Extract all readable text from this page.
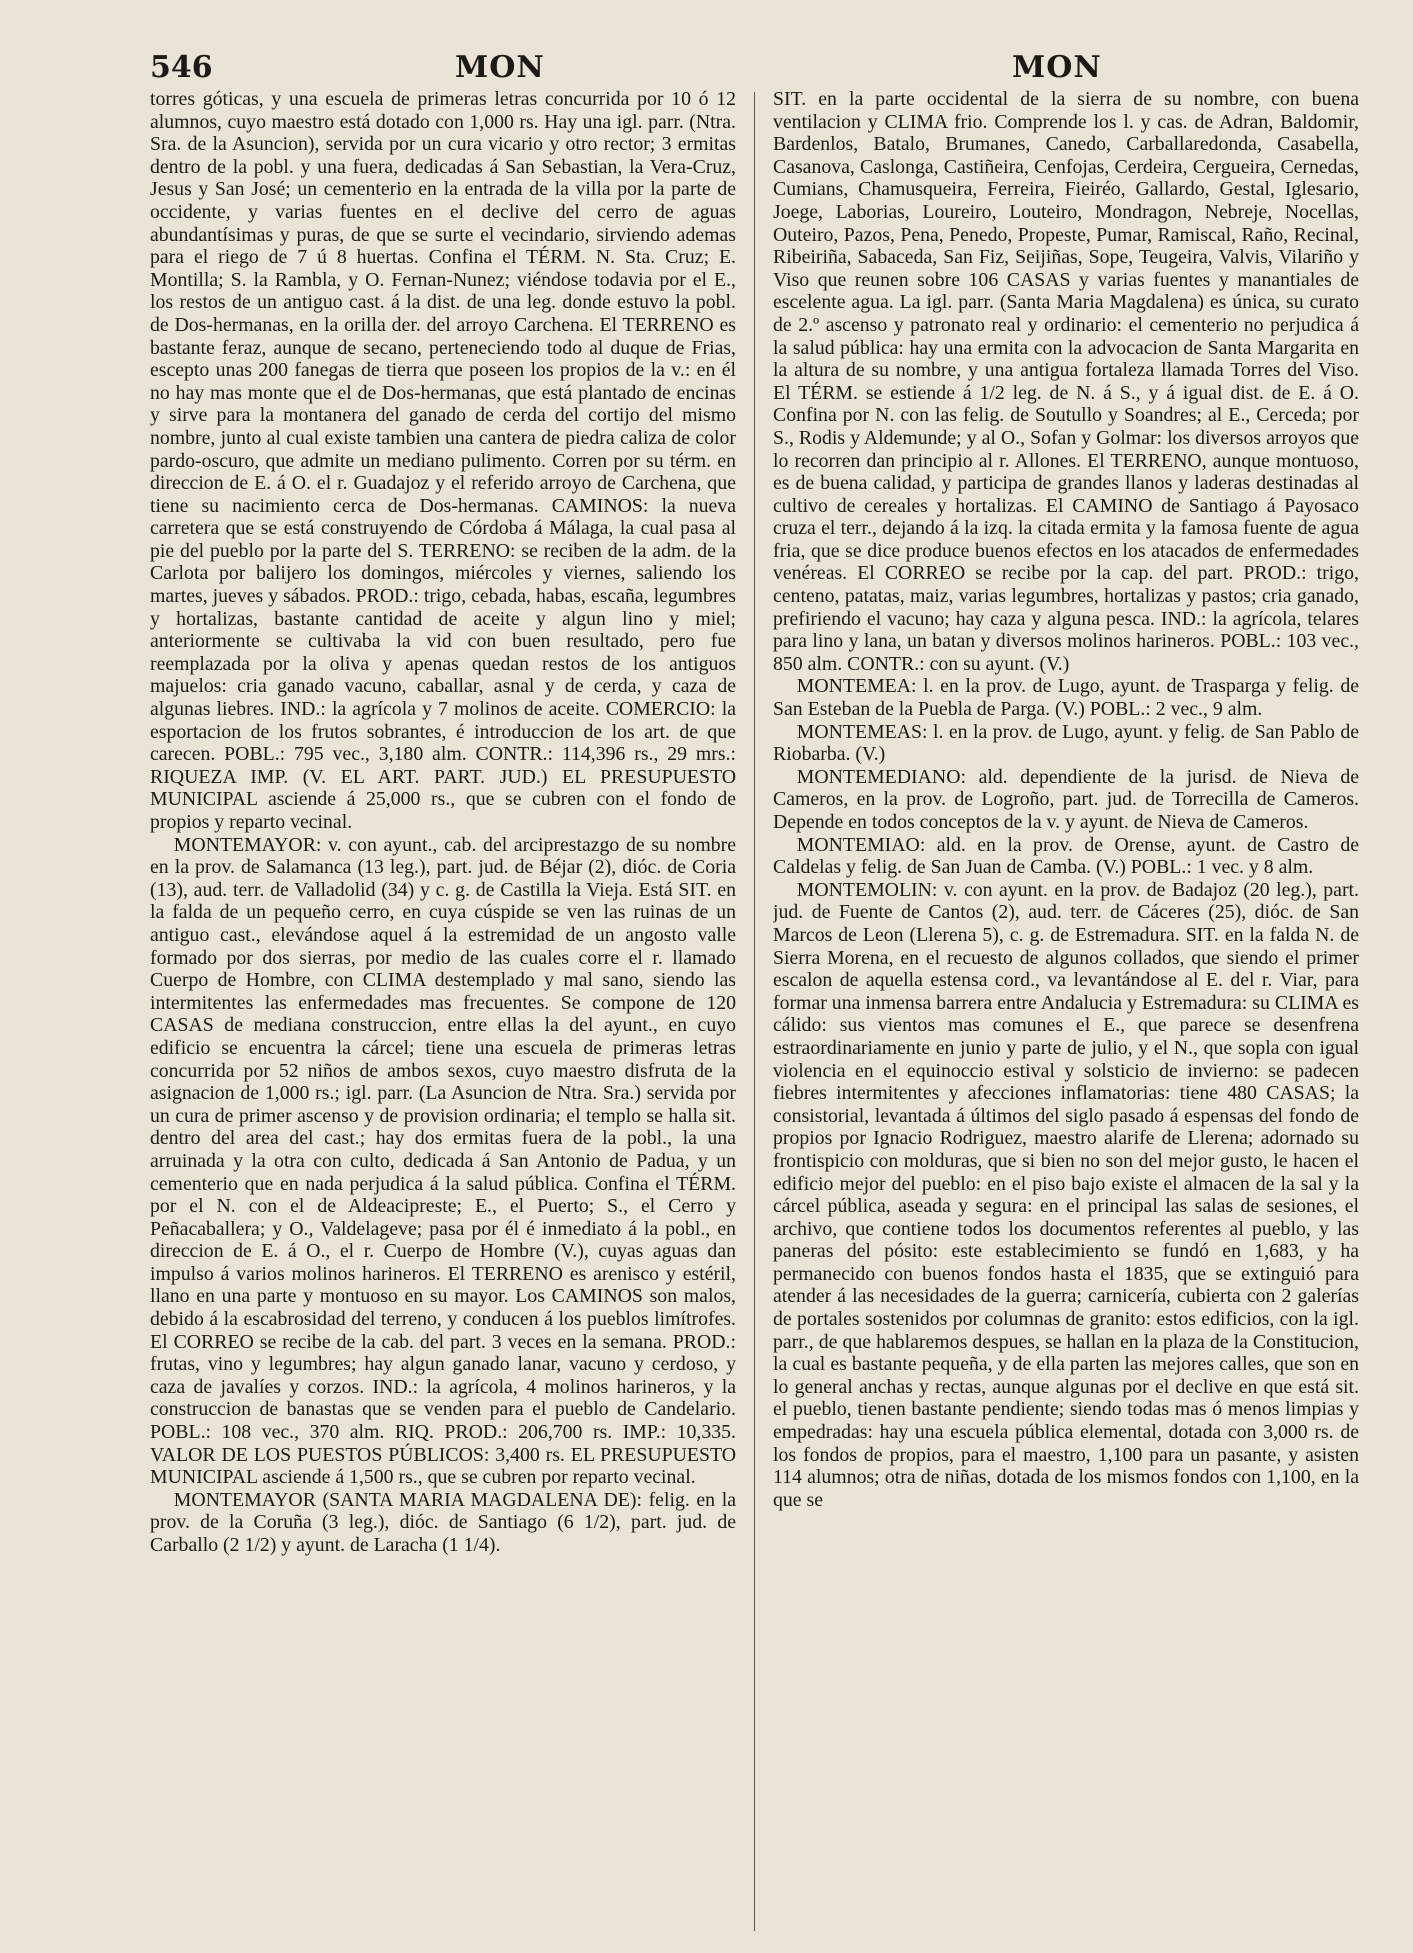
546	MON	MON

torres góticas, y una escuela de primeras letras concurrida por 10 ó 12 alumnos, cuyo maestro está dotado con 1,000 rs. Hay una igl. parr. (Ntra. Sra. de la Asuncion), servida por un cura vicario y otro rector; 3 ermitas dentro de la pobl. y una fuera, dedicadas á San Sebastian, la Vera-Cruz, Jesus y San José; un cementerio en la entrada de la villa por la parte de occidente, y varias fuentes en el declive del cerro de aguas abundantísimas y puras, de que se surte el vecindario, sirviendo ademas para el riego de 7 ú 8 huertas. Confina el TÉRM. N. Sta. Cruz; E. Montilla; S. la Rambla, y O. Fernan-Nunez; viéndose todavia por el E., los restos de un antiguo cast. á la dist. de una leg. donde estuvo la pobl. de Dos-hermanas, en la orilla der. del arroyo Carchena. El TERRENO es bastante feraz, aunque de secano, perteneciendo todo al duque de Frias, escepto unas 200 fanegas de tierra que poseen los propios de la v.: en él no hay mas monte que el de Dos-hermanas, que está plantado de encinas y sirve para la montanera del ganado de cerda del cortijo del mismo nombre, junto al cual existe tambien una cantera de piedra caliza de color pardo-oscuro, que admite un mediano pulimento. Corren por su térm. en direccion de E. á O. el r. Guadajoz y el referido arroyo de Carchena, que tiene su nacimiento cerca de Dos-hermanas. CAMINOS: la nueva carretera que se está construyendo de Córdoba á Málaga, la cual pasa al pie del pueblo por la parte del S. TERRENO: se reciben de la adm. de la Carlota por balijero los domingos, miércoles y viernes, saliendo los martes, jueves y sábados. PROD.: trigo, cebada, habas, escaña, legumbres y hortalizas, bastante cantidad de aceite y algun lino y miel; anteriormente se cultivaba la vid con buen resultado, pero fue reemplazada por la oliva y apenas quedan restos de los antiguos majuelos: cria ganado vacuno, caballar, asnal y de cerda, y caza de algunas liebres. IND.: la agrícola y 7 molinos de aceite. COMERCIO: la esportacion de los frutos sobrantes, é introduccion de los art. de que carecen. POBL.: 795 vec., 3,180 alm. CONTR.: 114,396 rs., 29 mrs.: RIQUEZA IMP. (V. EL ART. PART. JUD.) EL PRESUPUESTO MUNICIPAL asciende á 25,000 rs., que se cubren con el fondo de propios y reparto vecinal.

MONTEMAYOR: v. con ayunt., cab. del arciprestazgo de su nombre en la prov. de Salamanca (13 leg.), part. jud. de Béjar (2), dióc. de Coria (13), aud. terr. de Valladolid (34) y c. g. de Castilla la Vieja. Está SIT. en la falda de un pequeño cerro, en cuya cúspide se ven las ruinas de un antiguo cast., elevándose aquel á la estremidad de un angosto valle formado por dos sierras, por medio de las cuales corre el r. llamado Cuerpo de Hombre, con CLIMA destemplado y mal sano, siendo las intermitentes las enfermedades mas frecuentes. Se compone de 120 CASAS de mediana construccion, entre ellas la del ayunt., en cuyo edificio se encuentra la cárcel; tiene una escuela de primeras letras concurrida por 52 niños de ambos sexos, cuyo maestro disfruta de la asignacion de 1,000 rs.; igl. parr. (La Asuncion de Ntra. Sra.) servida por un cura de primer ascenso y de provision ordinaria; el templo se halla sit. dentro del area del cast.; hay dos ermitas fuera de la pobl., la una arruinada y la otra con culto, dedicada á San Antonio de Padua, y un cementerio que en nada perjudica á la salud pública. Confina el TÉRM. por el N. con el de Aldeacipreste; E., el Puerto; S., el Cerro y Peñacaballera; y O., Valdelageve; pasa por él é inmediato á la pobl., en direccion de E. á O., el r. Cuerpo de Hombre (V.), cuyas aguas dan impulso á varios molinos harineros. El TERRENO es arenisco y estéril, llano en una parte y montuoso en su mayor. Los CAMINOS son malos, debido á la escabrosidad del terreno, y conducen á los pueblos limítrofes. El CORREO se recibe de la cab. del part. 3 veces en la semana. PROD.: frutas, vino y legumbres; hay algun ganado lanar, vacuno y cerdoso, y caza de javalíes y corzos. IND.: la agrícola, 4 molinos harineros, y la construccion de banastas que se venden para el pueblo de Candelario. POBL.: 108 vec., 370 alm. RIQ. PROD.: 206,700 rs. IMP.: 10,335. VALOR DE LOS PUESTOS PÚBLICOS: 3,400 rs. EL PRESUPUESTO MUNICIPAL asciende á 1,500 rs., que se cubren por reparto vecinal.

MONTEMAYOR (SANTA MARIA MAGDALENA DE): felig. en la prov. de la Coruña (3 leg.), dióc. de Santiago (6 1/2), part. jud. de Carballo (2 1/2) y ayunt. de Laracha (1 1/4).

SIT. en la parte occidental de la sierra de su nombre, con buena ventilacion y CLIMA frio. Comprende los l. y cas. de Adran, Baldomir, Bardenlos, Batalo, Brumanes, Canedo, Carballaredonda, Casabella, Casanova, Caslonga, Castiñeira, Cenfojas, Cerdeira, Cergueira, Cernedas, Cumians, Chamusqueira, Ferreira, Fieiréo, Gallardo, Gestal, Iglesario, Joege, Laborias, Loureiro, Louteiro, Mondragon, Nebreje, Nocellas, Outeiro, Pazos, Pena, Penedo, Propeste, Pumar, Ramiscal, Raño, Recinal, Ribeiriña, Sabaceda, San Fiz, Seijiñas, Sope, Teugeira, Valvis, Vilariño y Viso que reunen sobre 106 CASAS y varias fuentes y manantiales de escelente agua. La igl. parr. (Santa Maria Magdalena) es única, su curato de 2.º ascenso y patronato real y ordinario: el cementerio no perjudica á la salud pública: hay una ermita con la advocacion de Santa Margarita en la altura de su nombre, y una antigua fortaleza llamada Torres del Viso. El TÉRM. se estiende á 1/2 leg. de N. á S., y á igual dist. de E. á O. Confina por N. con las felig. de Soutullo y Soandres; al E., Cerceda; por S., Rodis y Aldemunde; y al O., Sofan y Golmar: los diversos arroyos que lo recorren dan principio al r. Allones. El TERRENO, aunque montuoso, es de buena calidad, y participa de grandes llanos y laderas destinadas al cultivo de cereales y hortalizas. El CAMINO de Santiago á Payosaco cruza el terr., dejando á la izq. la citada ermita y la famosa fuente de agua fria, que se dice produce buenos efectos en los atacados de enfermedades venéreas. El CORREO se recibe por la cap. del part. PROD.: trigo, centeno, patatas, maiz, varias legumbres, hortalizas y pastos; cria ganado, prefiriendo el vacuno; hay caza y alguna pesca. IND.: la agrícola, telares para lino y lana, un batan y diversos molinos harineros. POBL.: 103 vec., 850 alm. CONTR.: con su ayunt. (V.)

MONTEMEA: l. en la prov. de Lugo, ayunt. de Trasparga y felig. de San Esteban de la Puebla de Parga. (V.) POBL.: 2 vec., 9 alm.

MONTEMEAS: l. en la prov. de Lugo, ayunt. y felig. de San Pablo de Riobarba. (V.)

MONTEMEDIANO: ald. dependiente de la jurisd. de Nieva de Cameros, en la prov. de Logroño, part. jud. de Torrecilla de Cameros. Depende en todos conceptos de la v. y ayunt. de Nieva de Cameros.

MONTEMIAO: ald. en la prov. de Orense, ayunt. de Castro de Caldelas y felig. de San Juan de Camba. (V.) POBL.: 1 vec. y 8 alm.

MONTEMOLIN: v. con ayunt. en la prov. de Badajoz (20 leg.), part. jud. de Fuente de Cantos (2), aud. terr. de Cáceres (25), dióc. de San Marcos de Leon (Llerena 5), c. g. de Estremadura. SIT. en la falda N. de Sierra Morena, en el recuesto de algunos collados, que siendo el primer escalon de aquella estensa cord., va levantándose al E. del r. Viar, para formar una inmensa barrera entre Andalucia y Estremadura: su CLIMA es cálido: sus vientos mas comunes el E., que parece se desenfrena estraordinariamente en junio y parte de julio, y el N., que sopla con igual violencia en el equinoccio estival y solsticio de invierno: se padecen fiebres intermitentes y afecciones inflamatorias: tiene 480 CASAS; la consistorial, levantada á últimos del siglo pasado á espensas del fondo de propios por Ignacio Rodriguez, maestro alarife de Llerena; adornado su frontispicio con molduras, que si bien no son del mejor gusto, le hacen el edificio mejor del pueblo: en el piso bajo existe el almacen de la sal y la cárcel pública, aseada y segura: en el principal las salas de sesiones, el archivo, que contiene todos los documentos referentes al pueblo, y las paneras del pósito: este establecimiento se fundó en 1,683, y ha permanecido con buenos fondos hasta el 1835, que se extinguió para atender á las necesidades de la guerra; carnicería, cubierta con 2 galerías de portales sostenidos por columnas de granito: estos edificios, con la igl. parr., de que hablaremos despues, se hallan en la plaza de la Constitucion, la cual es bastante pequeña, y de ella parten las mejores calles, que son en lo general anchas y rectas, aunque algunas por el declive en que está sit. el pueblo, tienen bastante pendiente; siendo todas mas ó menos limpias y empedradas: hay una escuela pública elemental, dotada con 3,000 rs. de los fondos de propios, para el maestro, 1,100 para un pasante, y asisten 114 alumnos; otra de niñas, dotada de los mismos fondos con 1,100, en la que se
